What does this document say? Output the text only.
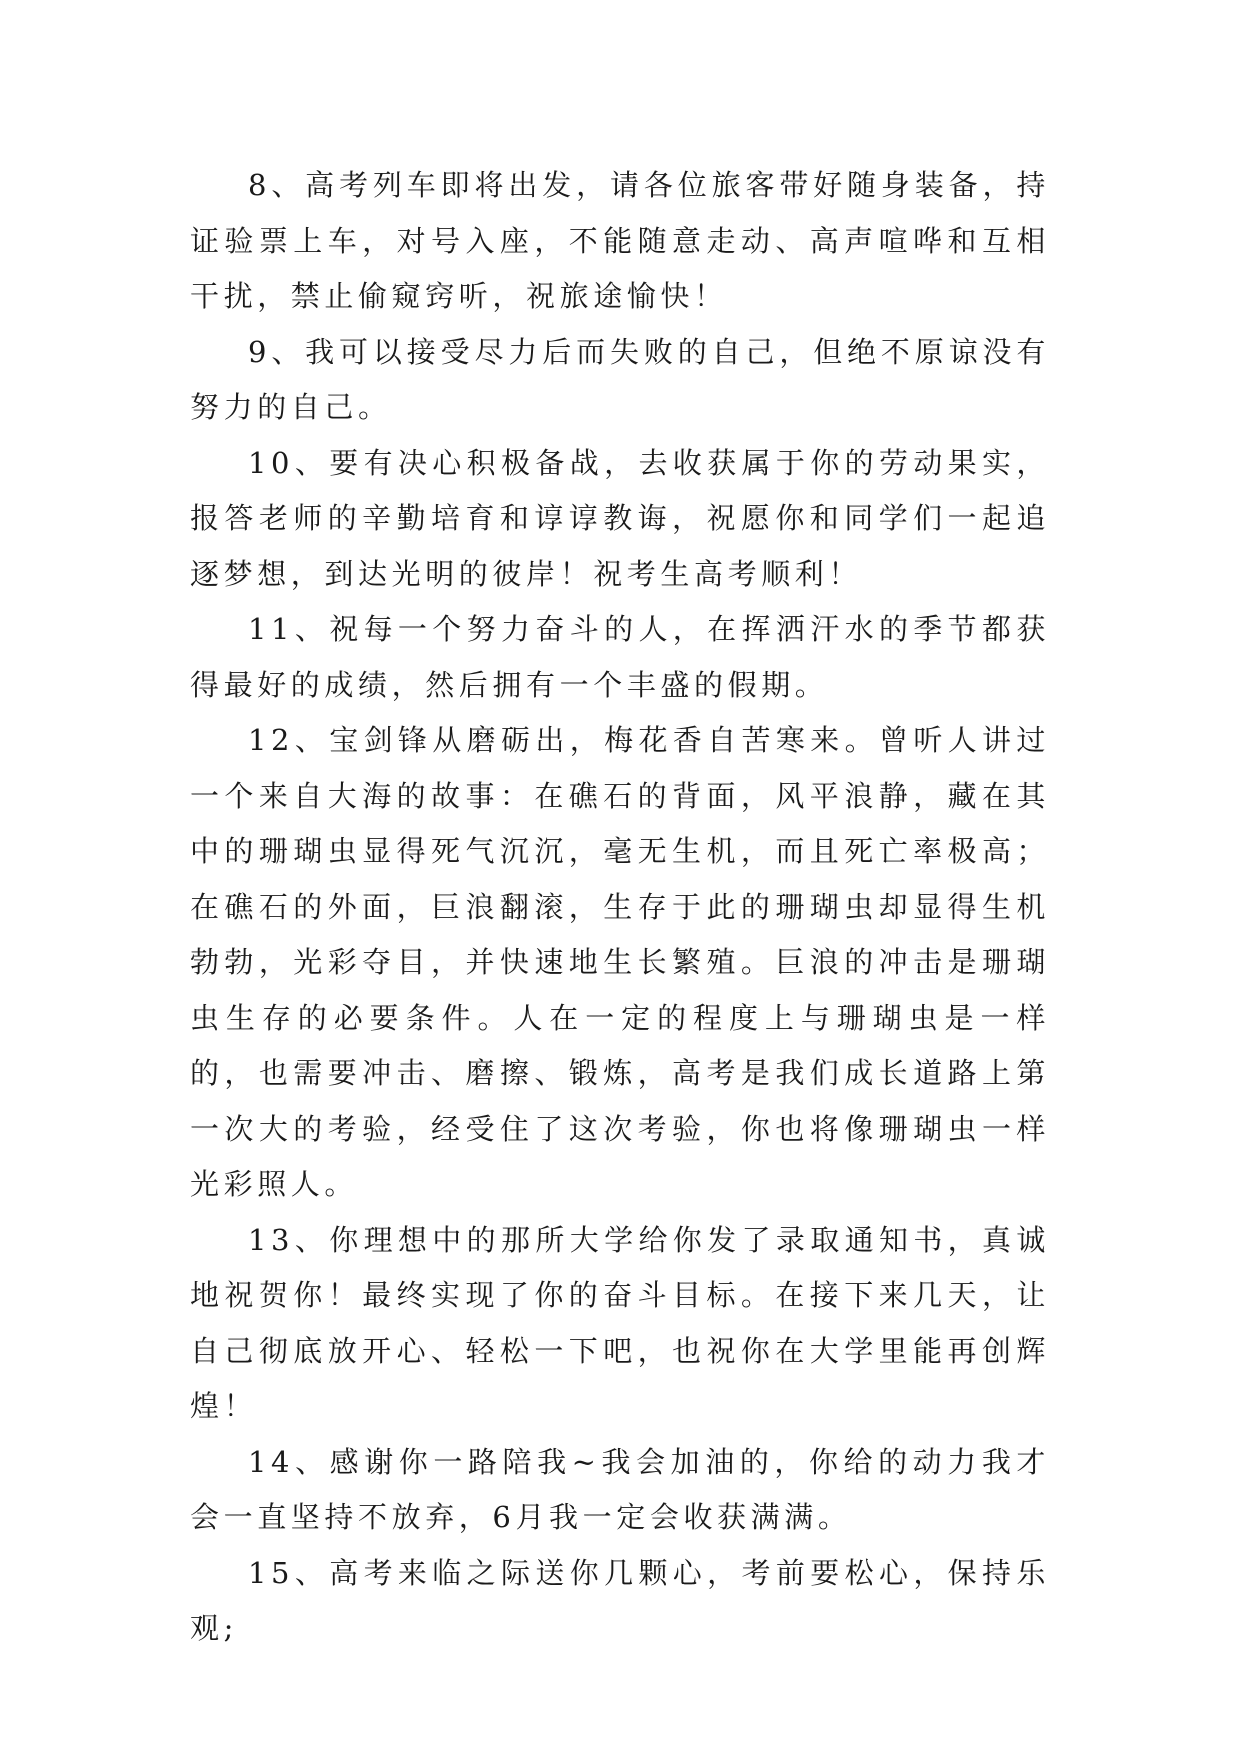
8、高考列车即将出发，请各位旅客带好随身装备，持证验票上车，对号入座，不能随意走动、高声喧哗和互相干扰，禁止偷窥窍听，祝旅途愉快！

9、我可以接受尽力后而失败的自己，但绝不原谅没有努力的自己。

10、要有决心积极备战，去收获属于你的劳动果实，报答老师的辛勤培育和谆谆教诲，祝愿你和同学们一起追逐梦想，到达光明的彼岸！祝考生高考顺利！

11、祝每一个努力奋斗的人，在挥洒汗水的季节都获得最好的成绩，然后拥有一个丰盛的假期。

12、宝剑锋从磨砺出，梅花香自苦寒来。曾听人讲过一个来自大海的故事：在礁石的背面，风平浪静，藏在其中的珊瑚虫显得死气沉沉，毫无生机，而且死亡率极高；在礁石的外面，巨浪翻滚，生存于此的珊瑚虫却显得生机勃勃，光彩夺目，并快速地生长繁殖。巨浪的冲击是珊瑚虫生存的必要条件。人在一定的程度上与珊瑚虫是一样的，也需要冲击、磨擦、锻炼，高考是我们成长道路上第一次大的考验，经受住了这次考验，你也将像珊瑚虫一样光彩照人。

13、你理想中的那所大学给你发了录取通知书，真诚地祝贺你！最终实现了你的奋斗目标。在接下来几天，让自己彻底放开心、轻松一下吧，也祝你在大学里能再创辉煌！

14、感谢你一路陪我~我会加油的，你给的动力我才会一直坚持不放弃，6月我一定会收获满满。

15、高考来临之际送你几颗心，考前要松心，保持乐观;
